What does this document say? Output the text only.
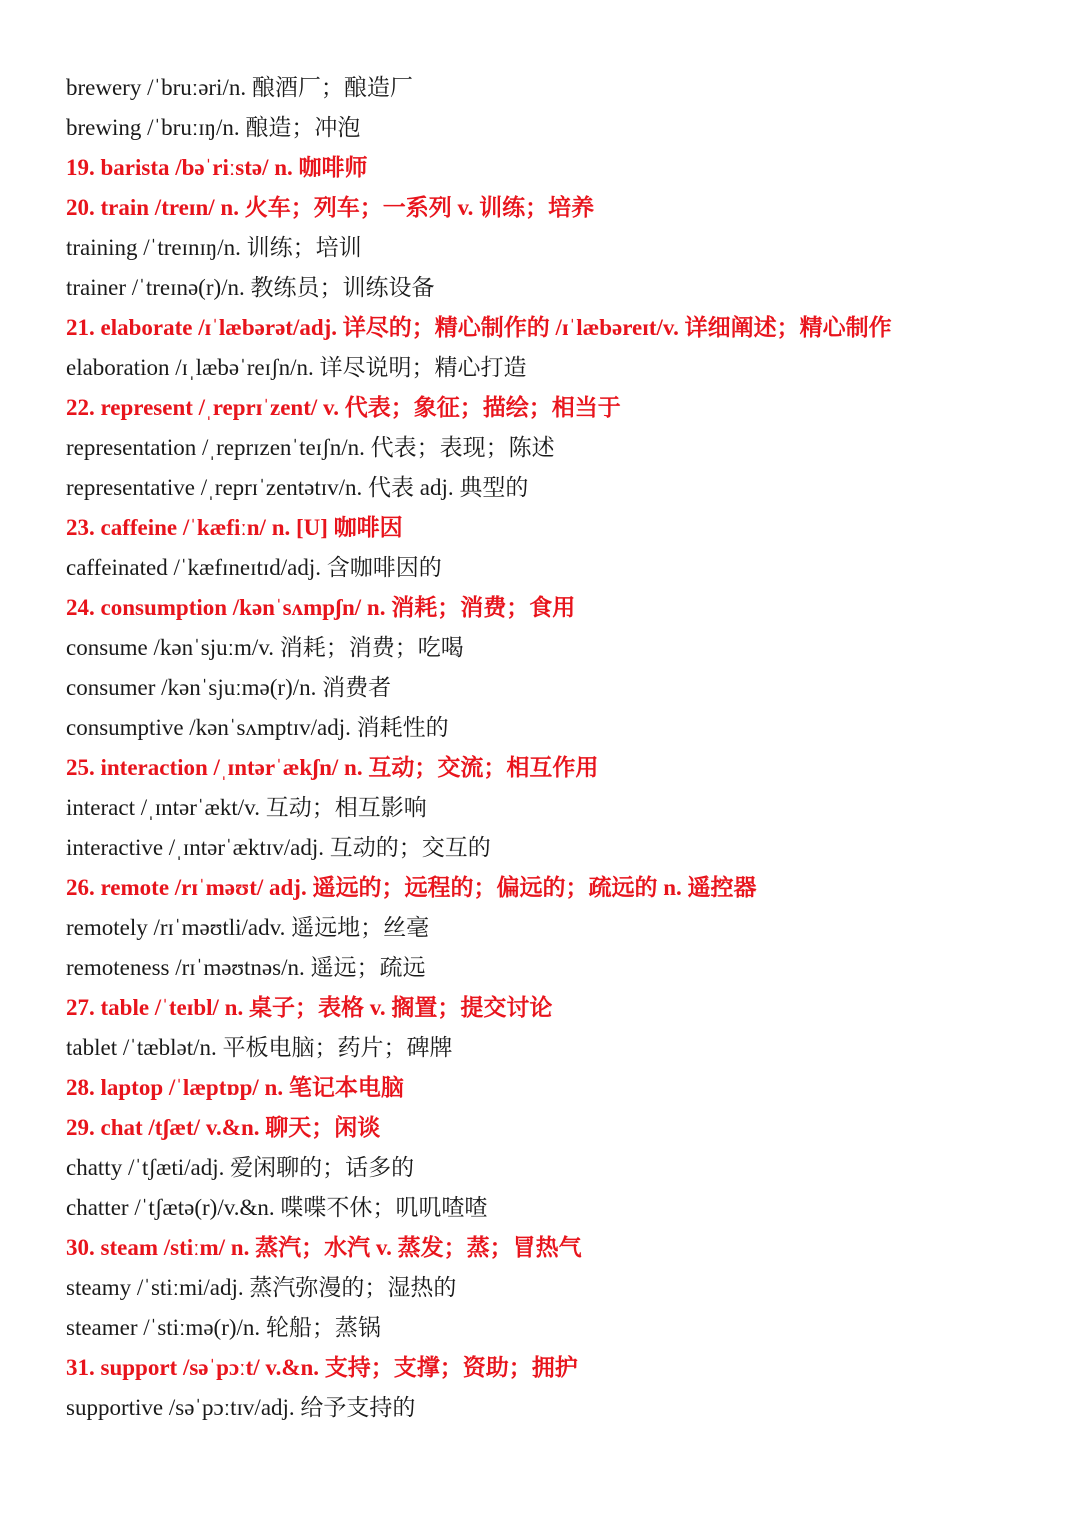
brewery /ˈbruːəri/n. 酿酒厂；酿造厂
brewing /ˈbruːɪŋ/n. 酿造；冲泡
19. barista /bəˈriːstə/ n. 咖啡师
20. train /treɪn/ n. 火车；列车；一系列 v. 训练；培养
training /ˈtreɪnɪŋ/n. 训练；培训
trainer /ˈtreɪnə(r)/n. 教练员；训练设备
21. elaborate /ɪˈlæbərət/adj. 详尽的；精心制作的 /ɪˈlæbəreɪt/v. 详细阐述；精心制作
elaboration /ɪˌlæbəˈreɪʃn/n. 详尽说明；精心打造
22. represent /ˌreprɪˈzent/ v. 代表；象征；描绘；相当于
representation /ˌreprɪzenˈteɪʃn/n. 代表；表现；陈述
representative /ˌreprɪˈzentətɪv/n. 代表 adj. 典型的
23. caffeine /ˈkæfiːn/ n. [U] 咖啡因
caffeinated /ˈkæfɪneɪtɪd/adj. 含咖啡因的
24. consumption /kənˈsʌmpʃn/ n. 消耗；消费；食用
consume /kənˈsjuːm/v. 消耗；消费；吃喝
consumer /kənˈsjuːmə(r)/n. 消费者
consumptive /kənˈsʌmptɪv/adj. 消耗性的
25. interaction /ˌɪntərˈækʃn/ n. 互动；交流；相互作用
interact /ˌɪntərˈækt/v. 互动；相互影响
interactive /ˌɪntərˈæktɪv/adj. 互动的；交互的
26. remote /rɪˈməʊt/ adj. 遥远的；远程的；偏远的；疏远的 n. 遥控器
remotely /rɪˈməʊtli/adv. 遥远地；丝毫
remoteness /rɪˈməʊtnəs/n. 遥远；疏远
27. table /ˈteɪbl/ n. 桌子；表格 v. 搁置；提交讨论
tablet /ˈtæblət/n. 平板电脑；药片；碑牌
28. laptop /ˈlæptɒp/ n. 笔记本电脑
29. chat /tʃæt/ v.&n. 聊天；闲谈
chatty /ˈtʃæti/adj. 爱闲聊的；话多的
chatter /ˈtʃætə(r)/v.&n. 喋喋不休；叽叽喳喳
30. steam /stiːm/ n. 蒸汽；水汽 v. 蒸发；蒸；冒热气
steamy /ˈstiːmi/adj. 蒸汽弥漫的；湿热的
steamer /ˈstiːmə(r)/n. 轮船；蒸锅
31. support /səˈpɔːt/ v.&n. 支持；支撑；资助；拥护
supportive /səˈpɔːtɪv/adj. 给予支持的
